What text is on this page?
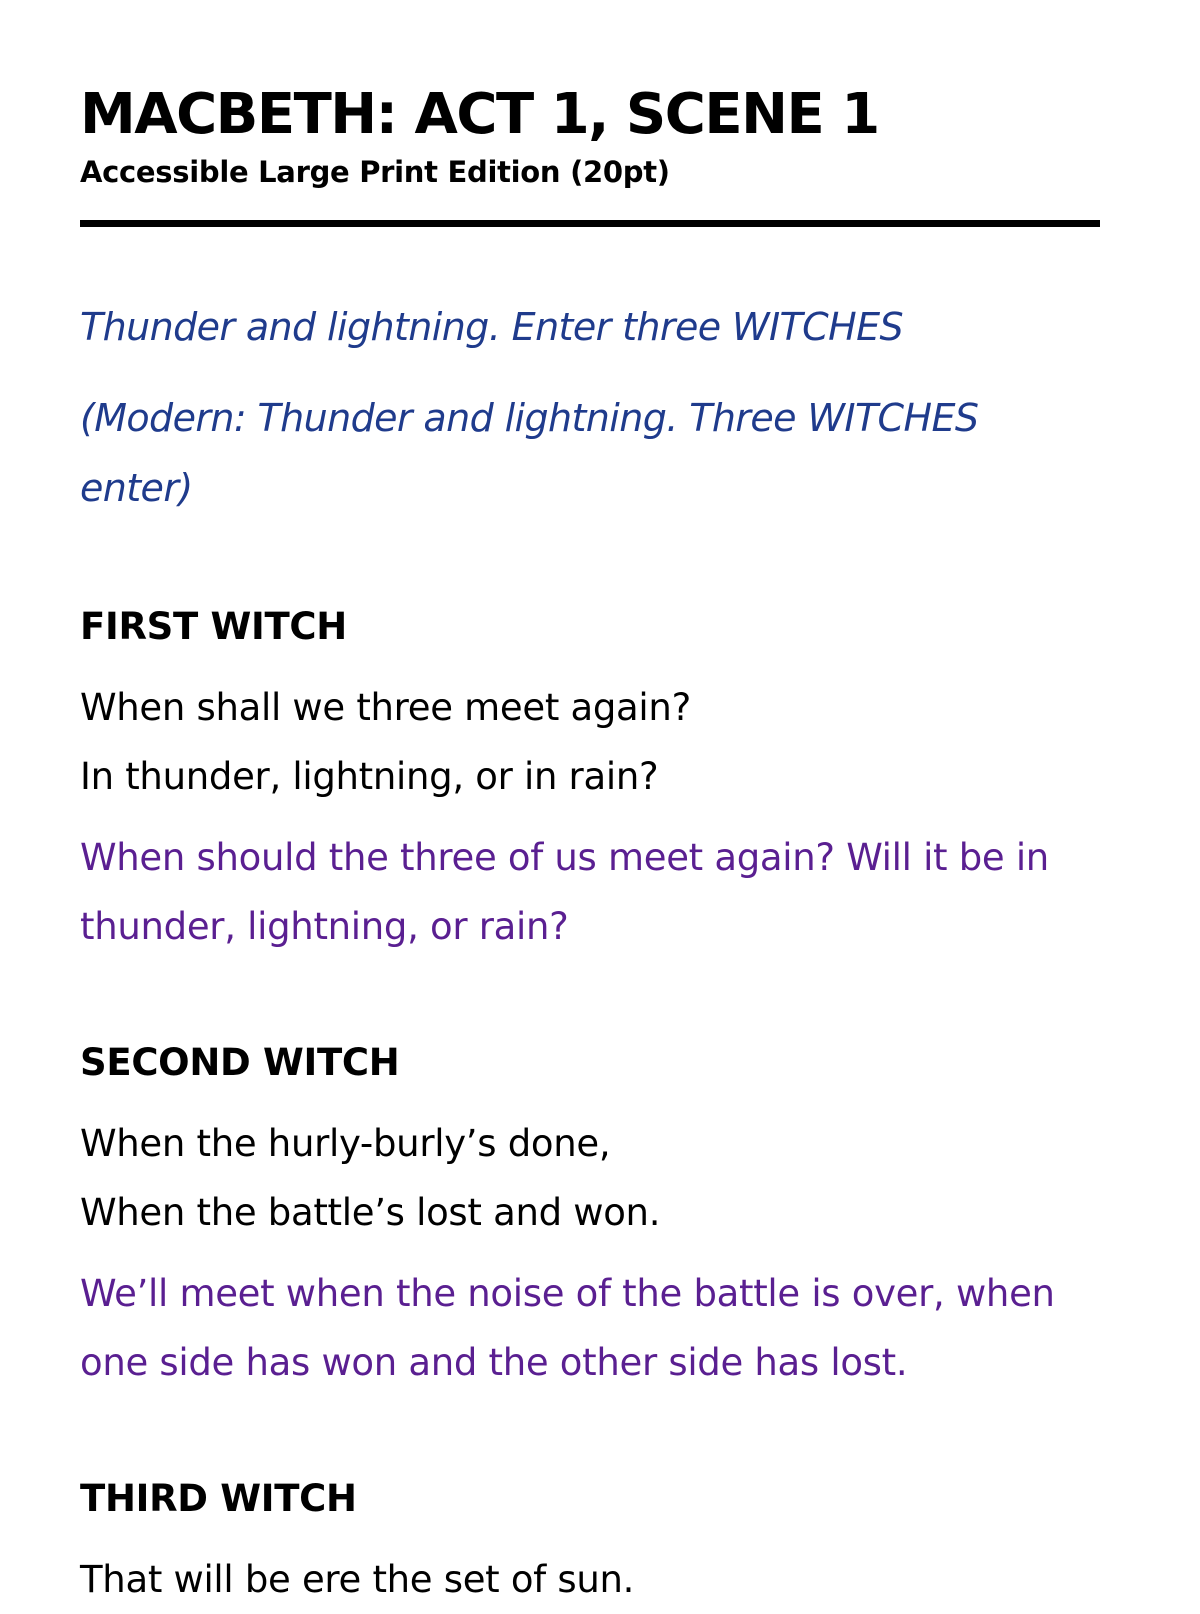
MACBETH: ACT 1, SCENE 1
Accessible Large Print Edition (20pt)
Thunder and lightning. Enter three WITCHES
(Modern: Thunder and lightning. Three WITCHES enter)
FIRST WITCH
When shall we three meet again?
In thunder, lightning, or in rain?
When should the three of us meet again? Will it be in thunder, lightning, or rain?
SECOND WITCH
When the hurly-burly’s done,
When the battle’s lost and won.
We’ll meet when the noise of the battle is over, when one side has won and the other side has lost.
THIRD WITCH
That will be ere the set of sun.
